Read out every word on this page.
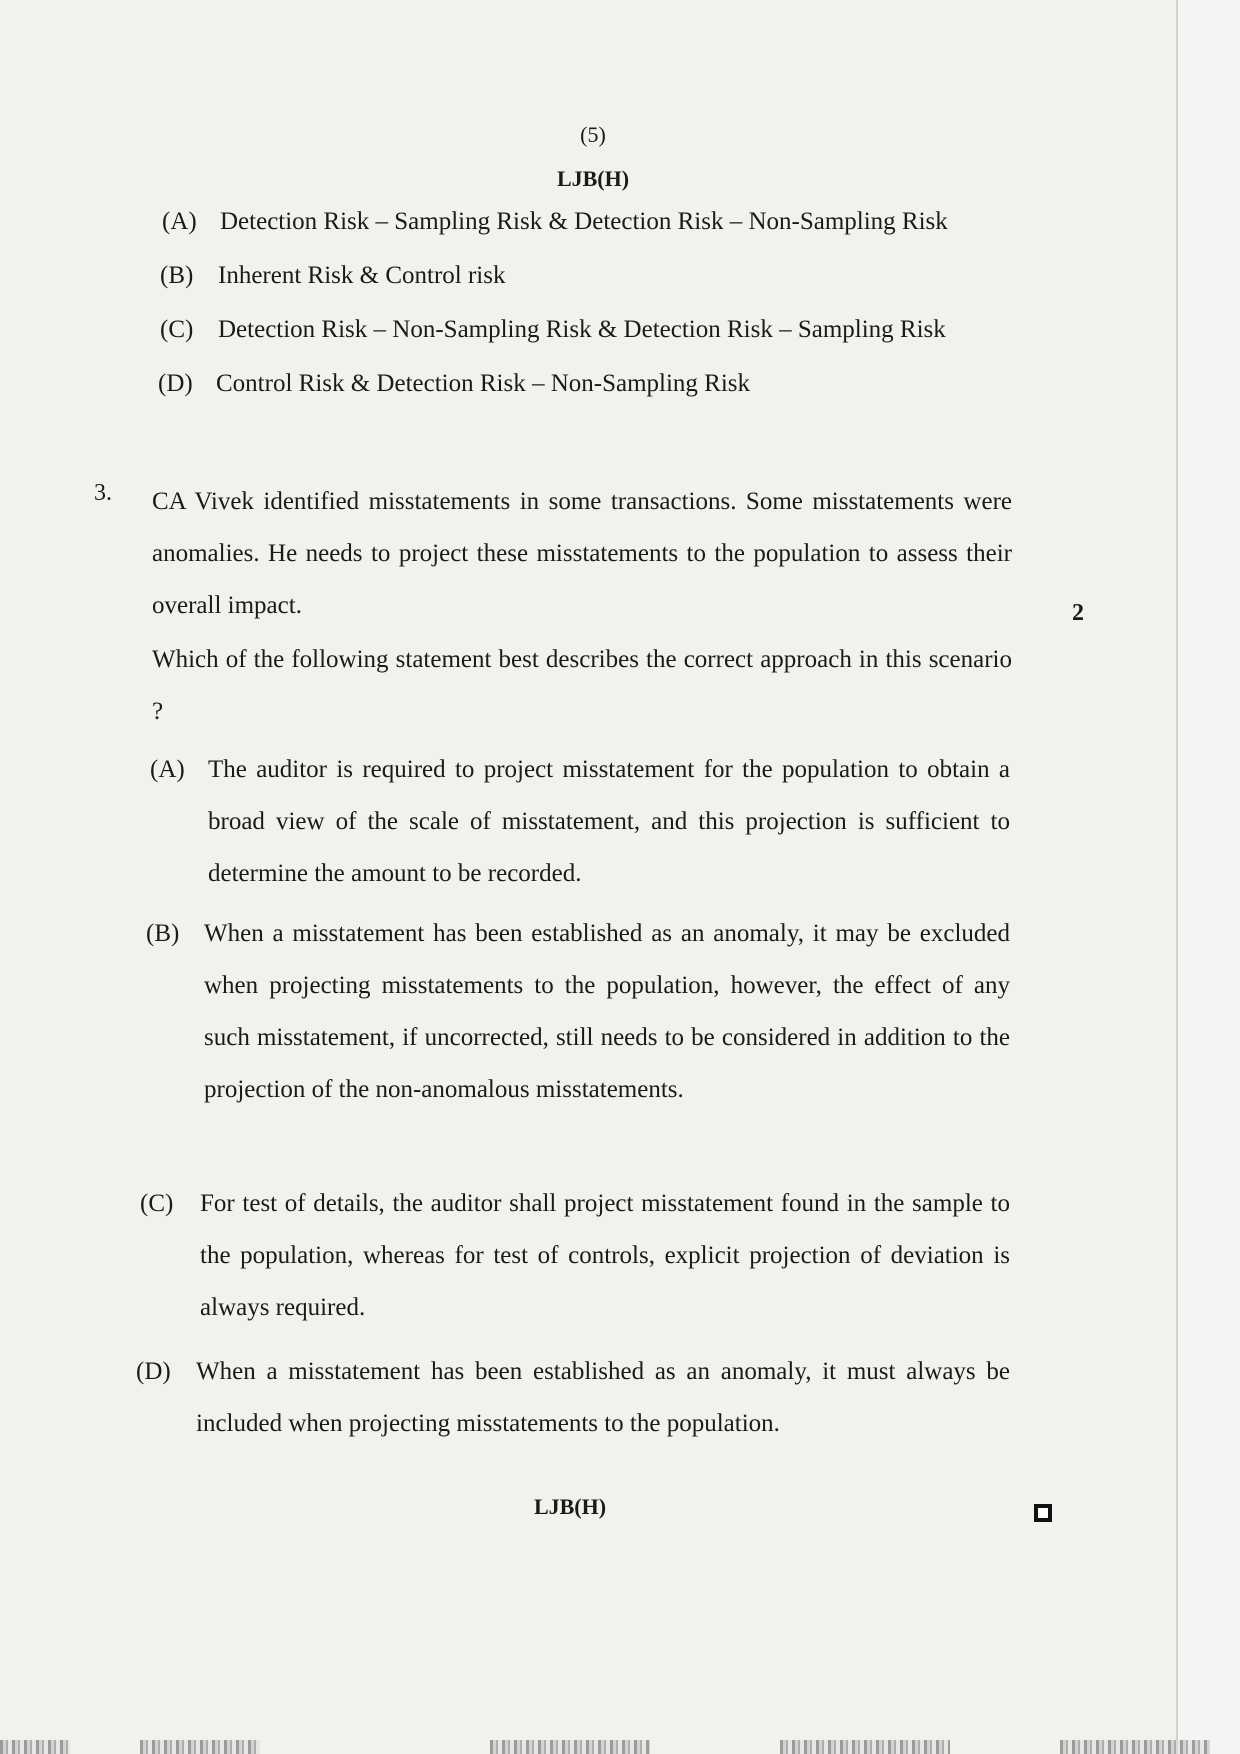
(5)
LJB(H)
(A) Detection Risk – Sampling Risk & Detection Risk – Non-Sampling Risk
(B) Inherent Risk & Control risk
(C) Detection Risk – Non-Sampling Risk & Detection Risk – Sampling Risk
(D) Control Risk & Detection Risk – Non-Sampling Risk
3.
2
CA Vivek identified misstatements in some transactions. Some misstatements were anomalies. He needs to project these misstatements to the population to assess their overall impact.
Which of the following statement best describes the correct approach in this scenario ?
(A) The auditor is required to project misstatement for the population to obtain a broad view of the scale of misstatement, and this projection is sufficient to determine the amount to be recorded.
(B) When a misstatement has been established as an anomaly, it may be excluded when projecting misstatements to the population, however, the effect of any such misstatement, if uncorrected, still needs to be considered in addition to the projection of the non-anomalous misstatements.
(C) For test of details, the auditor shall project misstatement found in the sample to the population, whereas for test of controls, explicit projection of deviation is always required.
(D) When a misstatement has been established as an anomaly, it must always be included when projecting misstatements to the population.
LJB(H)
